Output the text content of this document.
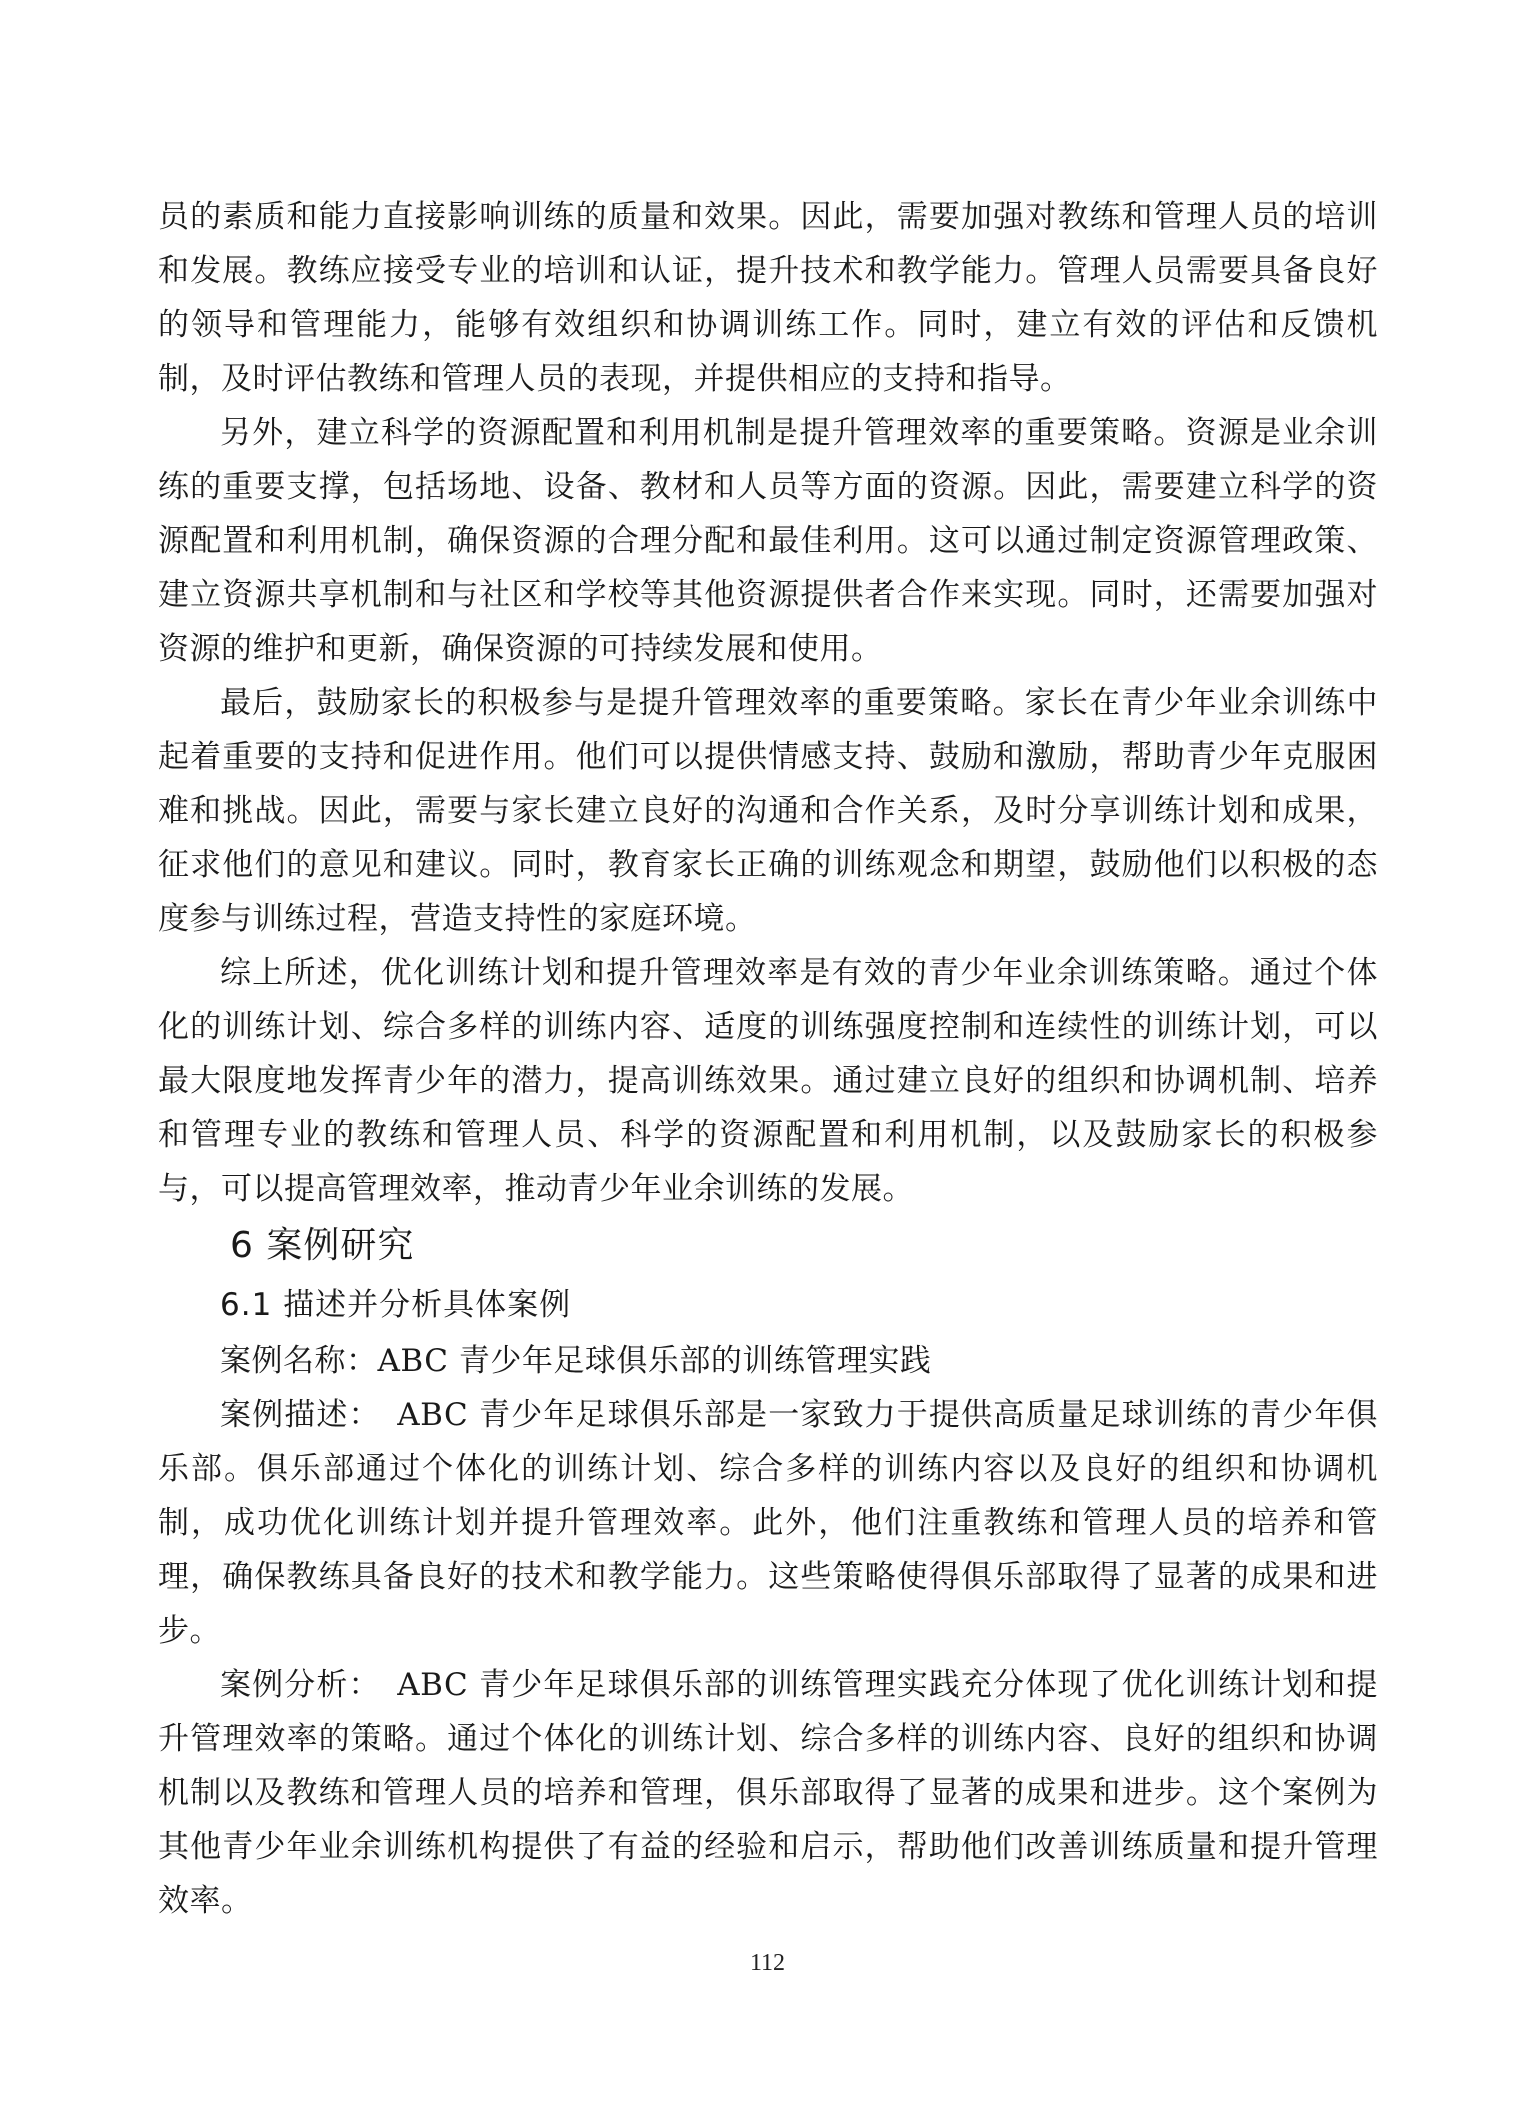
员的素质和能力直接影响训练的质量和效果。因此，需要加强对教练和管理人员的培训和发展。教练应接受专业的培训和认证，提升技术和教学能力。管理人员需要具备良好的领导和管理能力，能够有效组织和协调训练工作。同时，建立有效的评估和反馈机制，及时评估教练和管理人员的表现，并提供相应的支持和指导。

另外，建立科学的资源配置和利用机制是提升管理效率的重要策略。资源是业余训练的重要支撑，包括场地、设备、教材和人员等方面的资源。因此，需要建立科学的资源配置和利用机制，确保资源的合理分配和最佳利用。这可以通过制定资源管理政策、建立资源共享机制和与社区和学校等其他资源提供者合作来实现。同时，还需要加强对资源的维护和更新，确保资源的可持续发展和使用。

最后，鼓励家长的积极参与是提升管理效率的重要策略。家长在青少年业余训练中起着重要的支持和促进作用。他们可以提供情感支持、鼓励和激励，帮助青少年克服困难和挑战。因此，需要与家长建立良好的沟通和合作关系，及时分享训练计划和成果，征求他们的意见和建议。同时，教育家长正确的训练观念和期望，鼓励他们以积极的态度参与训练过程，营造支持性的家庭环境。

综上所述，优化训练计划和提升管理效率是有效的青少年业余训练策略。通过个体化的训练计划、综合多样的训练内容、适度的训练强度控制和连续性的训练计划，可以最大限度地发挥青少年的潜力，提高训练效果。通过建立良好的组织和协调机制、培养和管理专业的教练和管理人员、科学的资源配置和利用机制，以及鼓励家长的积极参与，可以提高管理效率，推动青少年业余训练的发展。

6 案例研究
6.1 描述并分析具体案例

案例名称：ABC 青少年足球俱乐部的训练管理实践

案例描述：　ABC 青少年足球俱乐部是一家致力于提供高质量足球训练的青少年俱乐部。俱乐部通过个体化的训练计划、综合多样的训练内容以及良好的组织和协调机制，成功优化训练计划并提升管理效率。此外，他们注重教练和管理人员的培养和管理，确保教练具备良好的技术和教学能力。这些策略使得俱乐部取得了显著的成果和进步。

案例分析：　ABC 青少年足球俱乐部的训练管理实践充分体现了优化训练计划和提升管理效率的策略。通过个体化的训练计划、综合多样的训练内容、良好的组织和协调机制以及教练和管理人员的培养和管理，俱乐部取得了显著的成果和进步。这个案例为其他青少年业余训练机构提供了有益的经验和启示，帮助他们改善训练质量和提升管理效率。

112
